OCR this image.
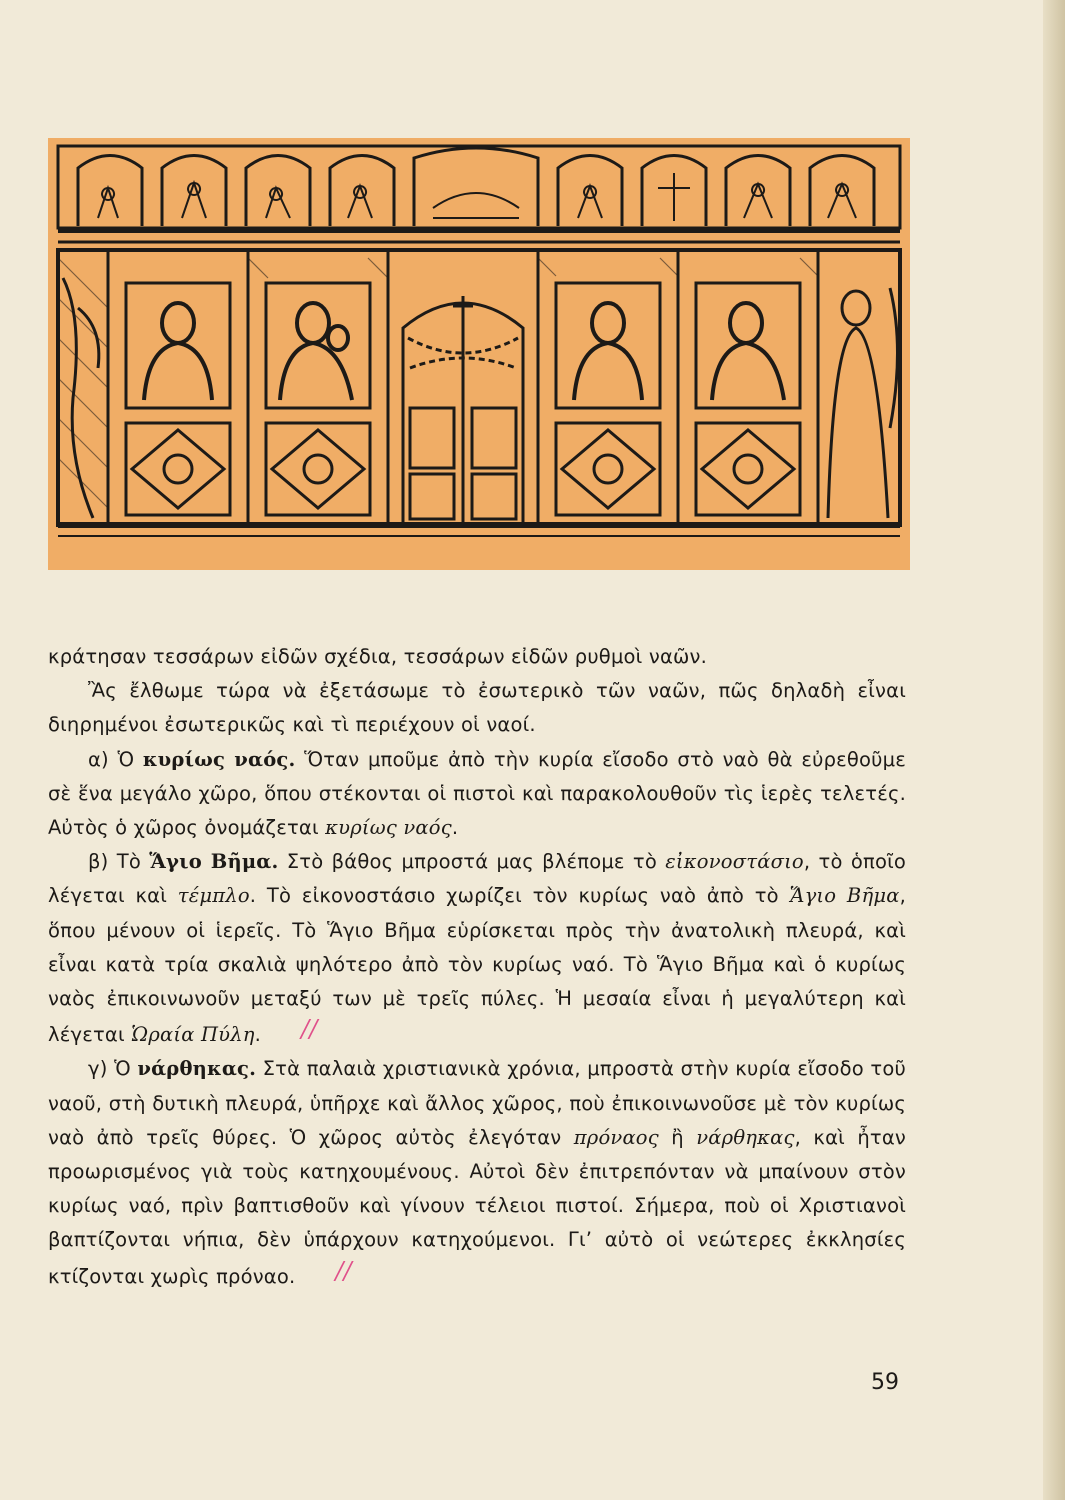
κράτησαν τεσσάρων εἰδῶν σχέδια, τεσσάρων εἰδῶν ρυθμοὶ ναῶν.

Ἂς ἔλθωμε τώρα νὰ ἐξετάσωμε τὸ ἐσωτερικὸ τῶν ναῶν, πῶς δηλαδὴ εἶναι διηρημένοι ἐσωτερικῶς καὶ τὶ περιέχουν οἱ ναοί.

α) Ὁ κυρίως ναός. Ὅταν μποῦμε ἀπὸ τὴν κυρία εἴσοδο στὸ ναὸ θὰ εὐρεθοῦμε σὲ ἕνα μεγάλο χῶρο, ὅπου στέκονται οἱ πιστοὶ καὶ παρακολουθοῦν τὶς ἱερὲς τελετές. Αὐτὸς ὁ χῶρος ὀνομάζεται κυρίως ναός.

β) Τὸ Ἅγιο Βῆμα. Στὸ βάθος μπροστά μας βλέπομε τὸ εἰκονοστάσιο, τὸ ὁποῖο λέγεται καὶ τέμπλο. Τὸ εἰκονοστάσιο χωρίζει τὸν κυρίως ναὸ ἀπὸ τὸ Ἅγιο Βῆμα, ὅπου μένουν οἱ ἱερεῖς. Τὸ Ἅγιο Βῆμα εὑρίσκεται πρὸς τὴν ἀνατολικὴ πλευρά, καὶ εἶναι κατὰ τρία σκαλιὰ ψηλότερο ἀπὸ τὸν κυρίως ναό. Τὸ Ἅγιο Βῆμα καὶ ὁ κυρίως ναὸς ἐπικοινωνοῦν μεταξύ των μὲ τρεῖς πύλες. Ἡ μεσαία εἶναι ἡ μεγαλύτερη καὶ λέγεται Ὡραία Πύλη. //

γ) Ὁ νάρθηκας. Στὰ παλαιὰ χριστιανικὰ χρόνια, μπροστὰ στὴν κυρία εἴσοδο τοῦ ναοῦ, στὴ δυτικὴ πλευρά, ὑπῆρχε καὶ ἄλλος χῶρος, ποὺ ἐπικοινωνοῦσε μὲ τὸν κυρίως ναὸ ἀπὸ τρεῖς θύρες. Ὁ χῶρος αὐτὸς ἐλεγόταν πρόναος ἢ νάρθηκας, καὶ ἦταν προωρισμένος γιὰ τοὺς κατηχουμένους. Αὐτοὶ δὲν ἐπιτρεπόνταν νὰ μπαίνουν στὸν κυρίως ναό, πρὶν βαπτισθοῦν καὶ γίνουν τέλειοι πιστοί. Σήμερα, ποὺ οἱ Χριστιανοὶ βαπτίζονται νήπια, δὲν ὑπάρχουν κατηχούμενοι. Γι’ αὐτὸ οἱ νεώτερες ἐκκλησίες κτίζονται χωρὶς πρόναο. //

59
